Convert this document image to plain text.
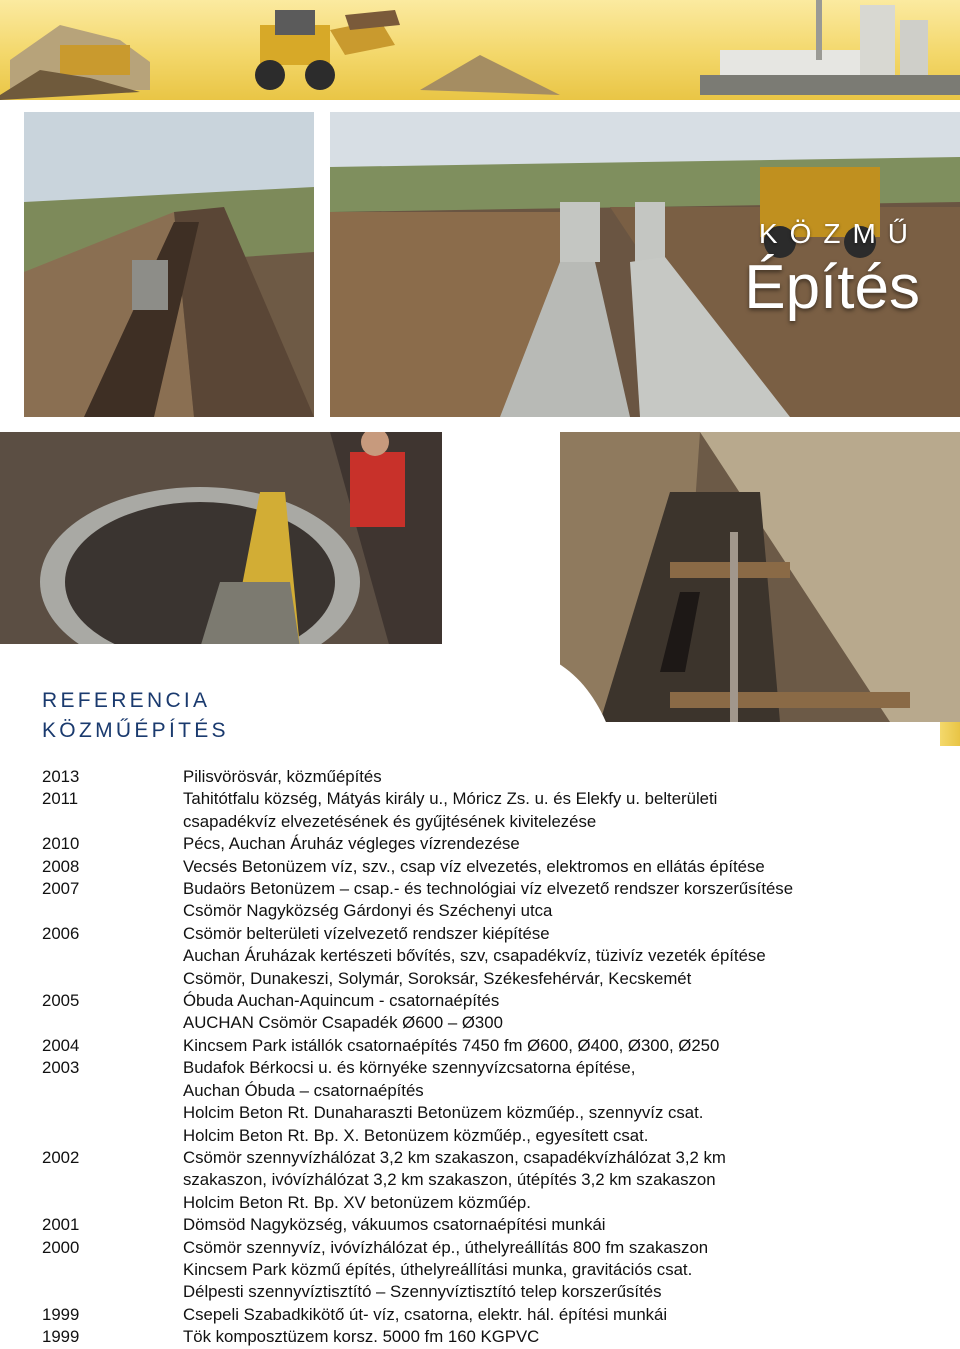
KÖZMŰ
Építés
REFERENCIA
KÖZMŰÉPÍTÉS
2013	Pilisvörösvár, közműépítés
2011	Tahitótfalu község, Mátyás király u., Móricz Zs. u. és Elekfy u. belterületi
csapadékvíz elvezetésének és gyűjtésének kivitelezése
2010	Pécs, Auchan Áruház végleges vízrendezése
2008	Vecsés Betonüzem víz, szv., csap víz elvezetés, elektromos en ellátás építése
2007	Budaörs Betonüzem – csap.- és technológiai víz elvezető rendszer korszerűsítése
Csömör Nagyközség Gárdonyi és Széchenyi utca
2006	Csömör belterületi vízelvezető rendszer kiépítése
Auchan Áruházak kertészeti bővítés, szv, csapadékvíz, tüzivíz vezeték építése
Csömör, Dunakeszi, Solymár, Soroksár, Székesfehérvár, Kecskemét
2005	Óbuda Auchan-Aquincum - csatornaépítés
AUCHAN Csömör Csapadék Ø600 – Ø300
2004	Kincsem Park istállók csatornaépítés 7450 fm Ø600, Ø400, Ø300, Ø250
2003	Budafok Bérkocsi u. és környéke szennyvízcsatorna építése,
Auchan Óbuda – csatornaépítés
Holcim Beton Rt. Dunaharaszti Betonüzem közműép., szennyvíz csat.
Holcim Beton Rt. Bp. X. Betonüzem közműép., egyesített csat.
2002	Csömör szennyvízhálózat 3,2 km szakaszon, csapadékvízhálózat 3,2 km
szakaszon, ivóvízhálózat 3,2 km szakaszon, útépítés 3,2 km szakaszon
Holcim Beton Rt. Bp. XV betonüzem közműép.
2001	Dömsöd Nagyközség, vákuumos csatornaépítési munkái
2000	Csömör szennyvíz, ivóvízhálózat ép., úthelyreállítás 800 fm szakaszon
Kincsem Park közmű építés, úthelyreállítási munka, gravitációs csat.
Délpesti szennyvíztisztító – Szennyvíztisztító telep korszerűsítés
1999	Csepeli Szabadkikötő út- víz, csatorna, elektr. hál. építési munkái
1999	Tök komposztüzem korsz. 5000 fm 160 KGPVC
